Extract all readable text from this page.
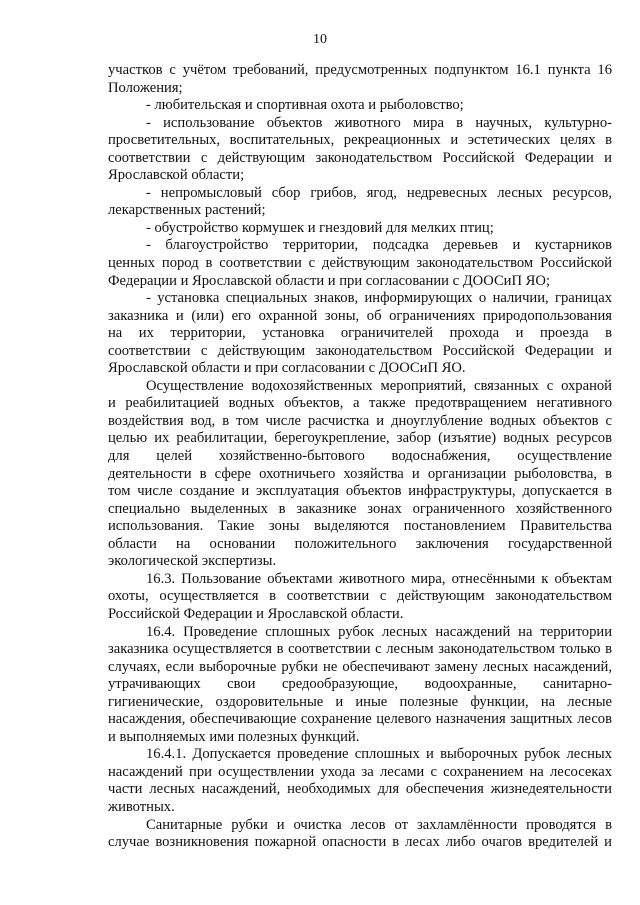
10
участков с учётом требований, предусмотренных подпунктом 16.1 пункта 16
Положения;
- любительская и спортивная охота и рыболовство;
- использование объектов животного мира в научных, культурно-
просветительных, воспитательных, рекреационных и эстетических целях в
соответствии с действующим законодательством Российской Федерации и
Ярославской области;
- непромысловый сбор грибов, ягод, недревесных лесных ресурсов,
лекарственных растений;
- обустройство кормушек и гнездовий для мелких птиц;
- благоустройство территории, подсадка деревьев и кустарников
ценных пород в соответствии с действующим законодательством Российской
Федерации и Ярославской области и при согласовании с ДООСиП ЯО;
- установка специальных знаков, информирующих о наличии, границах
заказника и (или) его охранной зоны, об ограничениях природопользования
на их территории, установка ограничителей прохода и проезда в
соответствии с действующим законодательством Российской Федерации и
Ярославской области и при согласовании с ДООСиП ЯО.
Осуществление водохозяйственных мероприятий, связанных с охраной
и реабилитацией водных объектов, а также предотвращением негативного
воздействия вод, в том числе расчистка и дноуглубление водных объектов с
целью их реабилитации, берегоукрепление, забор (изъятие) водных ресурсов
для целей хозяйственно-бытового водоснабжения, осуществление
деятельности в сфере охотничьего хозяйства и организации рыболовства, в
том числе создание и эксплуатация объектов инфраструктуры, допускается в
специально выделенных в заказнике зонах ограниченного хозяйственного
использования. Такие зоны выделяются постановлением Правительства
области на основании положительного заключения государственной
экологической экспертизы.
16.3. Пользование объектами животного мира, отнесёнными к объектам
охоты, осуществляется в соответствии с действующим законодательством
Российской Федерации и Ярославской области.
16.4. Проведение сплошных рубок лесных насаждений на территории
заказника осуществляется в соответствии с лесным законодательством только в
случаях, если выборочные рубки не обеспечивают замену лесных насаждений,
утрачивающих свои средообразующие, водоохранные, санитарно-
гигиенические, оздоровительные и иные полезные функции, на лесные
насаждения, обеспечивающие сохранение целевого назначения защитных лесов
и выполняемых ими полезных функций.
16.4.1. Допускается проведение сплошных и выборочных рубок лесных
насаждений при осуществлении ухода за лесами с сохранением на лесосеках
части лесных насаждений, необходимых для обеспечения жизнедеятельности
животных.
Санитарные рубки и очистка лесов от захламлённости проводятся в
случае возникновения пожарной опасности в лесах либо очагов вредителей и
